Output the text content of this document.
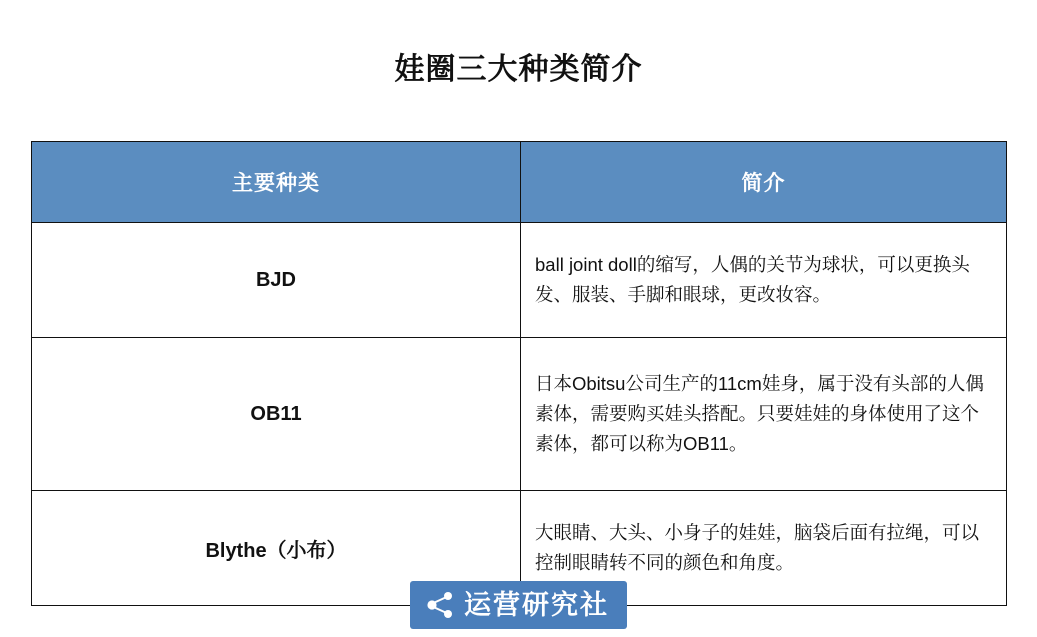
娃圈三大种类简介
主要种类	简介
BJD	ball joint doll的缩写，人偶的关节为球状，可以更换头发、服装、手脚和眼球，更改妆容。
OB11	日本Obitsu公司生产的11cm娃身，属于没有头部的人偶素体，需要购买娃头搭配。只要娃娃的身体使用了这个素体，都可以称为OB11。
Blythe（小布）	大眼睛、大头、小身子的娃娃，脑袋后面有拉绳，可以控制眼睛转不同的颜色和角度。
运营研究社
